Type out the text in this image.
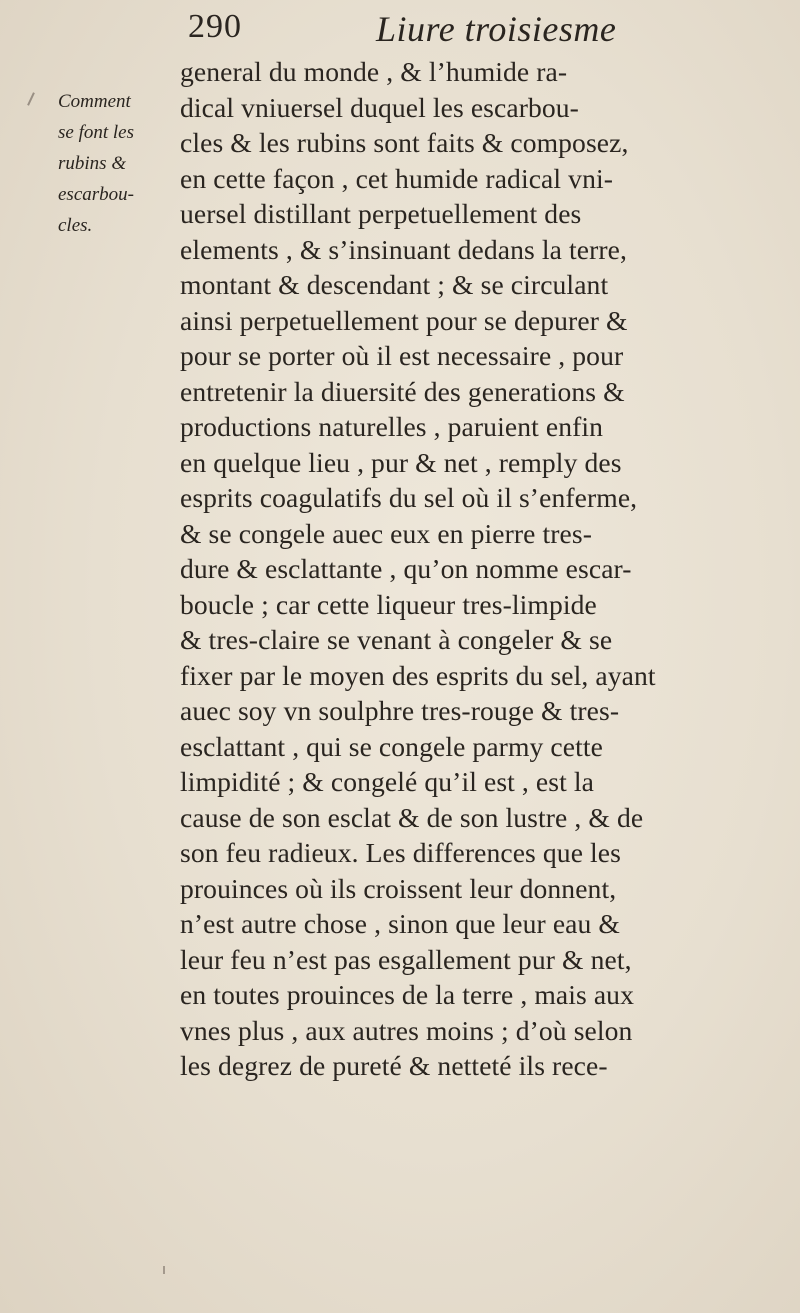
290	Liure troisiesme
Comment
se font les
rubins &
escarbou-
cles.
general du monde , & l’humide ra-
dical vniuersel duquel les escarbou-
cles & les rubins sont faits & composez,
en cette façon , cet humide radical vni-
uersel distillant perpetuellement des
elements , & s’insinuant dedans la terre,
montant & descendant ; & se circulant
ainsi perpetuellement pour se depurer &
pour se porter où il est necessaire , pour
entretenir la diuersité des generations &
productions naturelles , paruient enfin
en quelque lieu , pur & net , remply des
esprits coagulatifs du sel où il s’enferme,
& se congele auec eux en pierre tres-
dure & esclattante , qu’on nomme escar-
boucle ; car cette liqueur tres-limpide
& tres-claire se venant à congeler & se
fixer par le moyen des esprits du sel, ayant
auec soy vn soulphre tres-rouge & tres-
esclattant , qui se congele parmy cette
limpidité ; & congelé qu’il est , est la
cause de son esclat & de son lustre , & de
son feu radieux. Les differences que les
prouinces où ils croissent leur donnent,
n’est autre chose , sinon que leur eau &
leur feu n’est pas esgallement pur & net,
en toutes prouinces de la terre , mais aux
vnes plus , aux autres moins ; d’où selon
les degrez de pureté & netteté ils rece-
